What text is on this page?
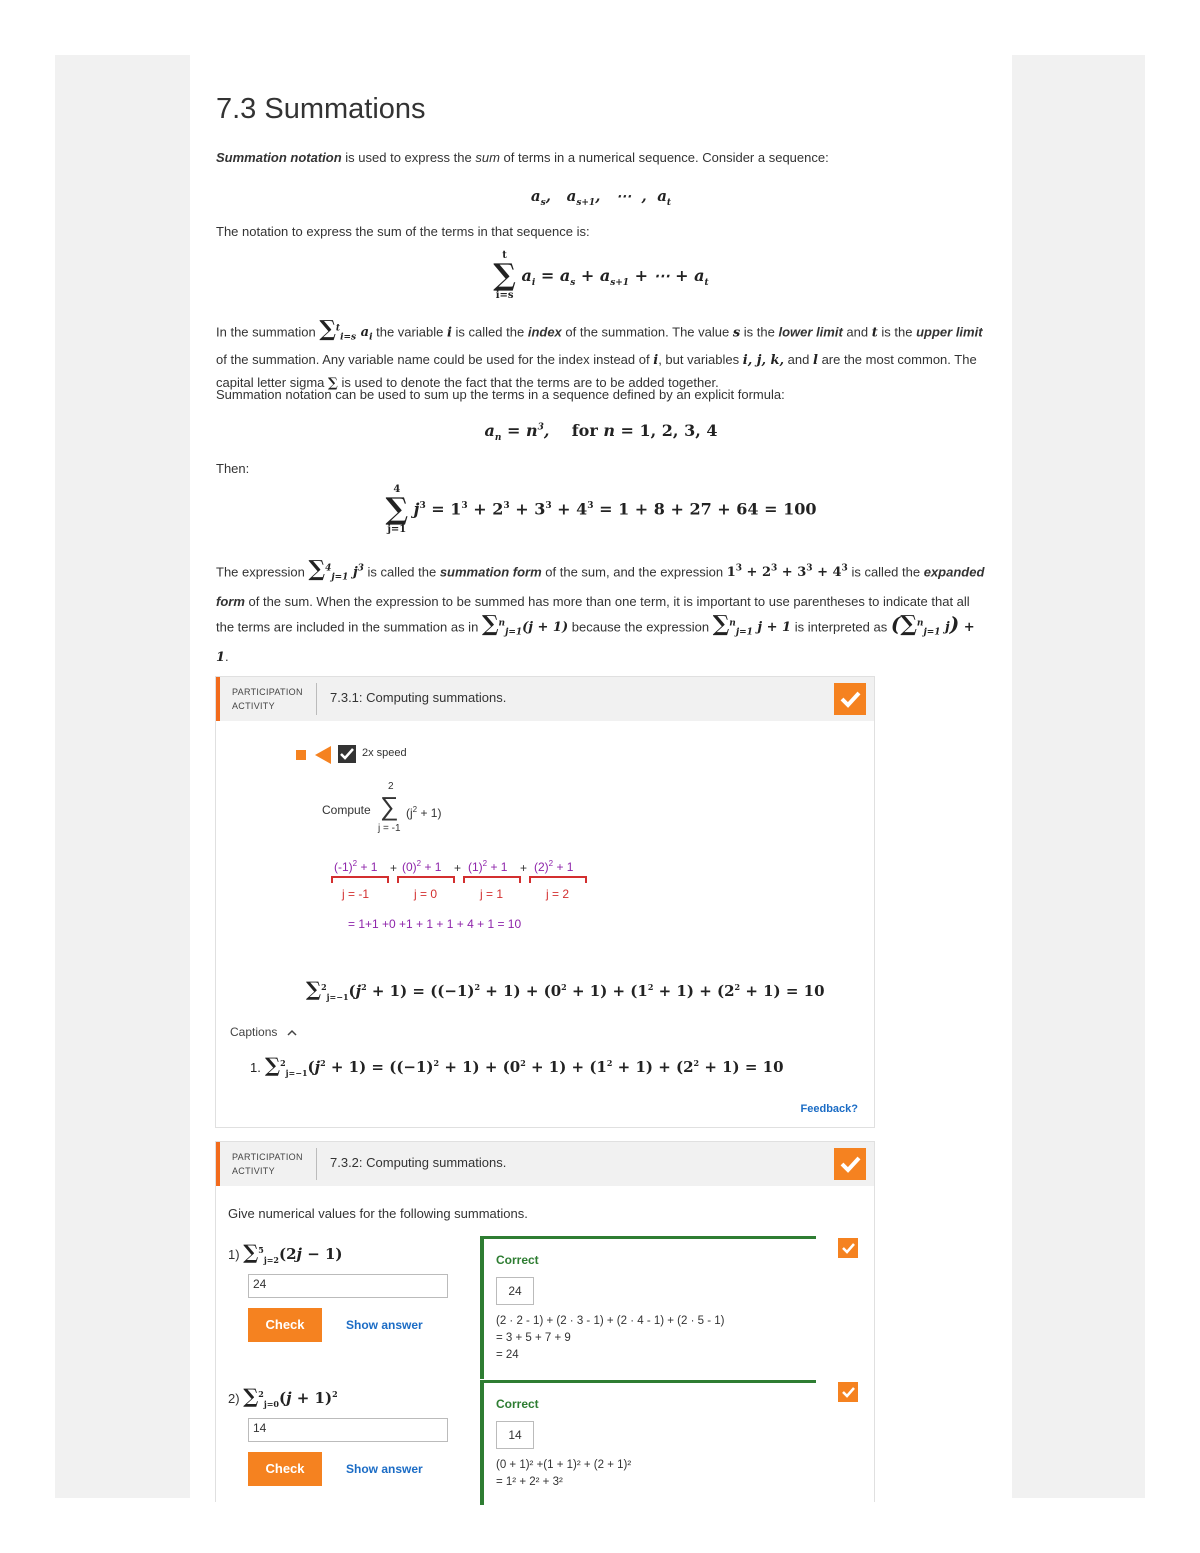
7.3 Summations

Summation notation is used to express the sum of terms in a numerical sequence. Consider a sequence:

$a_s$,   $a_{s+1}$,   ⋯  ,  $a_t$

The notation to express the sum of the terms in that sequence is:

t
∑
i=s
$a_i = a_s + a_{s+1}$ + ⋯ + $a_t$

In the summation ∑$^t_{i=s}$ $a_i$ the variable i is called the index of the summation. The value s is the lower limit and t is the upper limit of the summation. Any variable name could be used for the index instead of i, but variables i, j, k, and l are the most common. The capital letter sigma ∑ is used to denote the fact that the terms are to be added together.

Summation notation can be used to sum up the terms in a sequence defined by an explicit formula:

$a_n = n^3$, for n = 1, 2, 3, 4

Then:

4
∑
j=1
$j^3 = 1^3 + 2^3 + 3^3 + 4^3 = 1 + 8 + 27 + 64 = 100$

The expression ∑$^4_{j=1}$ $j^3$ is called the summation form of the sum, and the expression $1^3 + 2^3 + 3^3 + 4^3$ is called the expanded form of the sum. When the expression to be summed has more than one term, it is important to use parentheses to indicate that all the terms are included in the summation as in ∑$^n_{j=1}$(j + 1) because the expression ∑$^n_{j=1}$ j + 1 is interpreted as (∑$^n_{j=1}$ j) + 1.

PARTICIPATION
ACTIVITY
7.3.1: Computing summations.
2x speed
Compute
2
∑
j = -1
$(j^2 + 1)$
$(-1)^2 + 1 + (0)^2 + 1 + (1)^2 + 1 + (2)^2 + 1$
j = -1	j = 0	j = 1	j = 2
= 1+1 +0 +1 + 1 + 1 + 4 + 1 = 10
$\sum^2_{j=-1}(j^2 + 1) = ((-1)^2 + 1) + (0^2 + 1) + (1^2 + 1) + (2^2 + 1) = 10$
Captions
1. $\sum^2_{j=-1}(j^2 + 1) = ((-1)^2 + 1) + (0^2 + 1) + (1^2 + 1) + (2^2 + 1) = 10$
Feedback?
PARTICIPATION
ACTIVITY
7.3.2: Computing summations.
Give numerical values for the following summations.
1) ∑$^5_{j=2}$(2j − 1)
24
Check	Show answer
Correct
24
(2 · 2 - 1) + (2 · 3 - 1) + (2 · 4 - 1) + (2 · 5 - 1)
= 3 + 5 + 7 + 9
= 24
2) $\sum^2_{j=0}(j + 1)^2$
14
Check	Show answer
Correct
14
(0 + 1)² +(1 + 1)² + (2 + 1)²
= 1² + 2² + 3²
